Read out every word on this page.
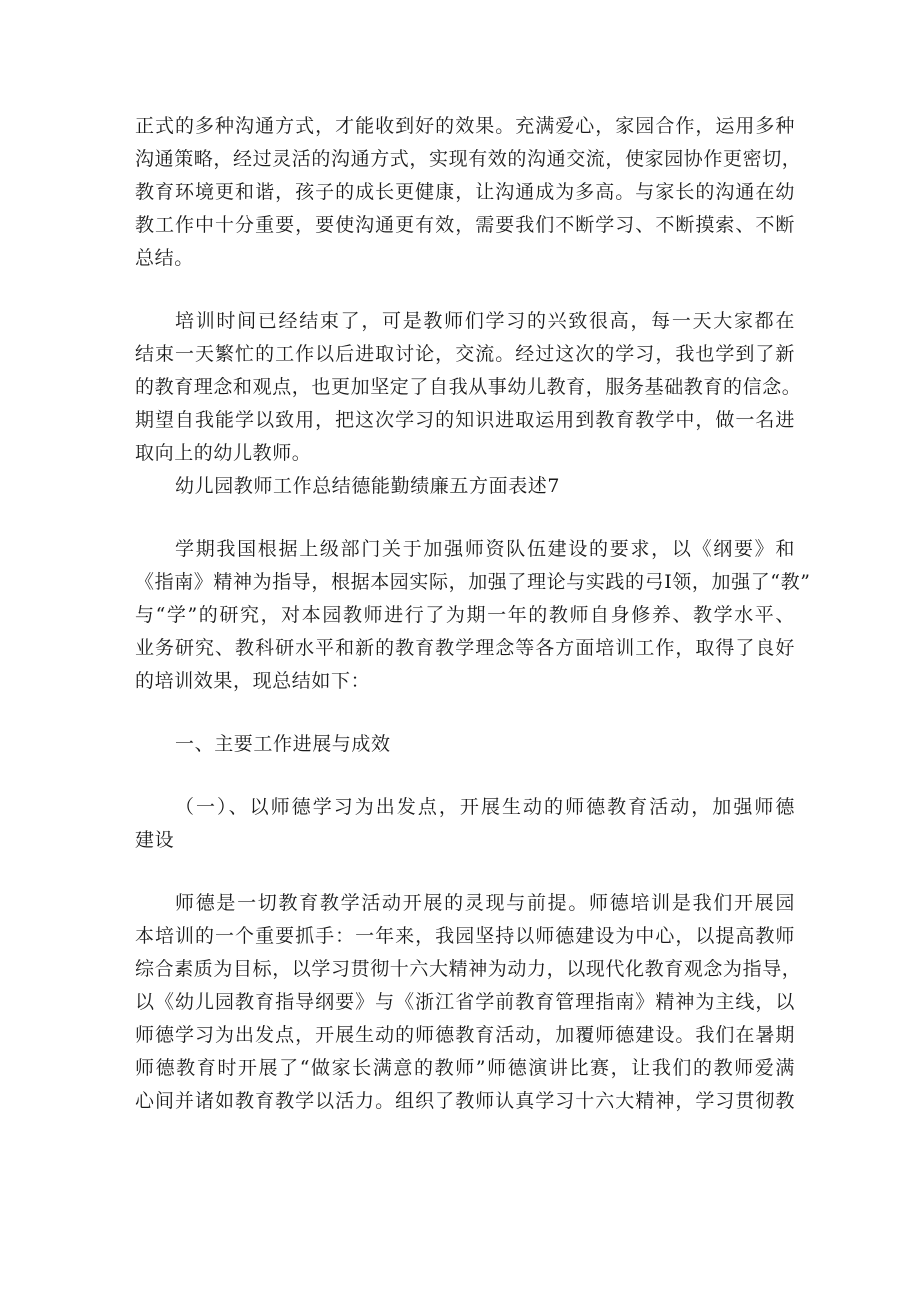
正式的多种沟通方式，才能收到好的效果。充满爱心，家园合作，运用多种
沟通策略，经过灵活的沟通方式，实现有效的沟通交流，使家园协作更密切，
教育环境更和谐，孩子的成长更健康，让沟通成为多高。与家长的沟通在幼
教工作中十分重要，要使沟通更有效，需要我们不断学习、不断摸索、不断
总结。
培训时间已经结束了，可是教师们学习的兴致很高，每一天大家都在
结束一天繁忙的工作以后进取讨论，交流。经过这次的学习，我也学到了新
的教育理念和观点，也更加坚定了自我从事幼儿教育，服务基础教育的信念。
期望自我能学以致用，把这次学习的知识进取运用到教育教学中，做一名进
取向上的幼儿教师。
幼儿园教师工作总结德能勤绩廉五方面表述7
学期我国根据上级部门关于加强师资队伍建设的要求，以《纲要》和
《指南》精神为指导，根据本园实际，加强了理论与实践的弓I领，加强了“教”
与“学”的研究，对本园教师进行了为期一年的教师自身修养、教学水平、
业务研究、教科研水平和新的教育教学理念等各方面培训工作，取得了良好
的培训效果，现总结如下：
一、主要工作进展与成效
（一）、以师德学习为出发点，开展生动的师德教育活动，加强师德
建设
师德是一切教育教学活动开展的灵现与前提。师德培训是我们开展园
本培训的一个重要抓手：一年来，我园坚持以师德建设为中心，以提高教师
综合素质为目标，以学习贯彻十六大精神为动力，以现代化教育观念为指导，
以《幼儿园教育指导纲要》与《浙江省学前教育管理指南》精神为主线，以
师德学习为出发点，开展生动的师德教育活动，加覆师德建设。我们在暑期
师德教育时开展了“做家长满意的教师”师德演讲比赛，让我们的教师爱满
心间并诸如教育教学以活力。组织了教师认真学习十六大精神，学习贯彻教
